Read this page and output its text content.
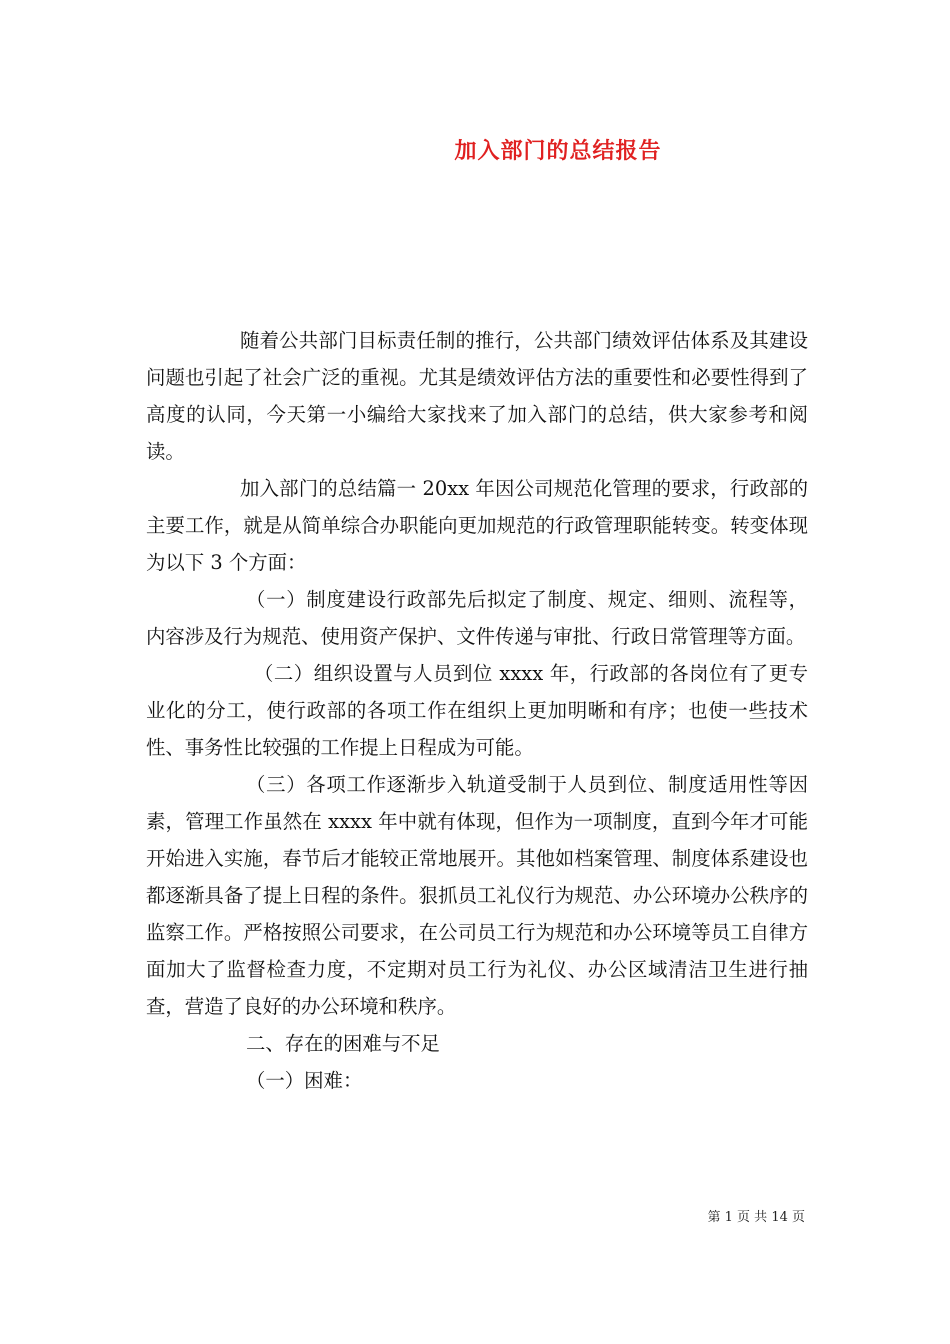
加入部门的总结报告

随着公共部门目标责任制的推行，公共部门绩效评估体系及其建设问题也引起了社会广泛的重视。尤其是绩效评估方法的重要性和必要性得到了高度的认同，今天第一小编给大家找来了加入部门的总结，供大家参考和阅读。

加入部门的总结篇一 20xx 年因公司规范化管理的要求，行政部的主要工作，就是从简单综合办职能向更加规范的行政管理职能转变。转变体现为以下 3 个方面：

（一）制度建设行政部先后拟定了制度、规定、细则、流程等，内容涉及行为规范、使用资产保护、文件传递与审批、行政日常管理等方面。

（二）组织设置与人员到位 xxxx 年，行政部的各岗位有了更专业化的分工，使行政部的各项工作在组织上更加明晰和有序；也使一些技术性、事务性比较强的工作提上日程成为可能。

（三）各项工作逐渐步入轨道受制于人员到位、制度适用性等因素，管理工作虽然在 xxxx 年中就有体现，但作为一项制度，直到今年才可能开始进入实施，春节后才能较正常地展开。其他如档案管理、制度体系建设也都逐渐具备了提上日程的条件。狠抓员工礼仪行为规范、办公环境办公秩序的监察工作。严格按照公司要求，在公司员工行为规范和办公环境等员工自律方面加大了监督检查力度，不定期对员工行为礼仪、办公区域清洁卫生进行抽查，营造了良好的办公环境和秩序。

二、存在的困难与不足

（一）困难：

第 1 页 共 14 页
